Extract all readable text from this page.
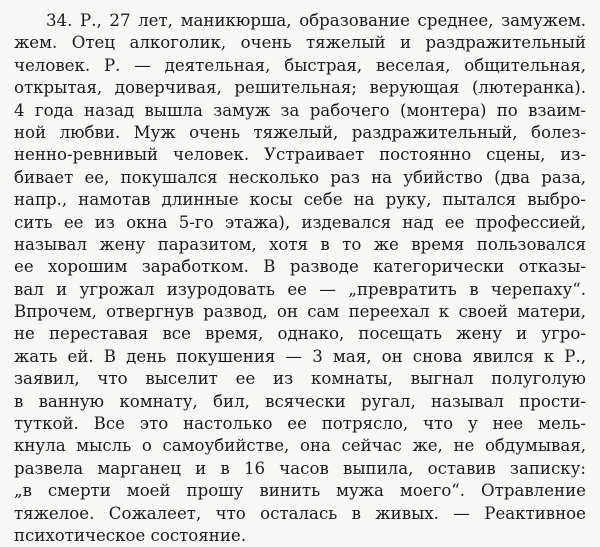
34. Р., 27 лет, маникюрша, образование среднее, замужем.
жем. Отец алкоголик, очень тяжелый и раздражительный
человек. Р. — деятельная, быстрая, веселая, общительная,
открытая, доверчивая, решительная; верующая (лютеранка).
4 года назад вышла замуж за рабочего (монтера) по взаим-
ной любви. Муж очень тяжелый, раздражительный, болез-
ненно-ревнивый человек. Устраивает постоянно сцены, из-
бивает ее, покушался несколько раз на убийство (два раза,
напр., намотав длинные косы себе на руку, пытался выбро-
сить ее из окна 5-го этажа), издевался над ее профессией,
называл жену паразитом, хотя в то же время пользовался
ее хорошим заработком. В разводе категорически отказы-
вал и угрожал изуродовать ее — „превратить в черепаху“.
Впрочем, отвергнув развод, он сам переехал к своей матери,
не переставая все время, однако, посещать жену и угро-
жать ей. В день покушения — 3 мая, он снова явился к Р.,
заявил, что выселит ее из комнаты, выгнал полуголую
в ванную комнату, бил, всячески ругал, называл прости-
туткой. Все это настолько ее потрясло, что у нее мель-
кнула мысль о самоубийстве, она сейчас же, не обдумывая,
развела марганец и в 16 часов выпила, оставив записку:
„в смерти моей прошу винить мужа моего“. Отравление
тяжелое. Сожалеет, что осталась в живых. — Реактивное
психотическое состояние.
